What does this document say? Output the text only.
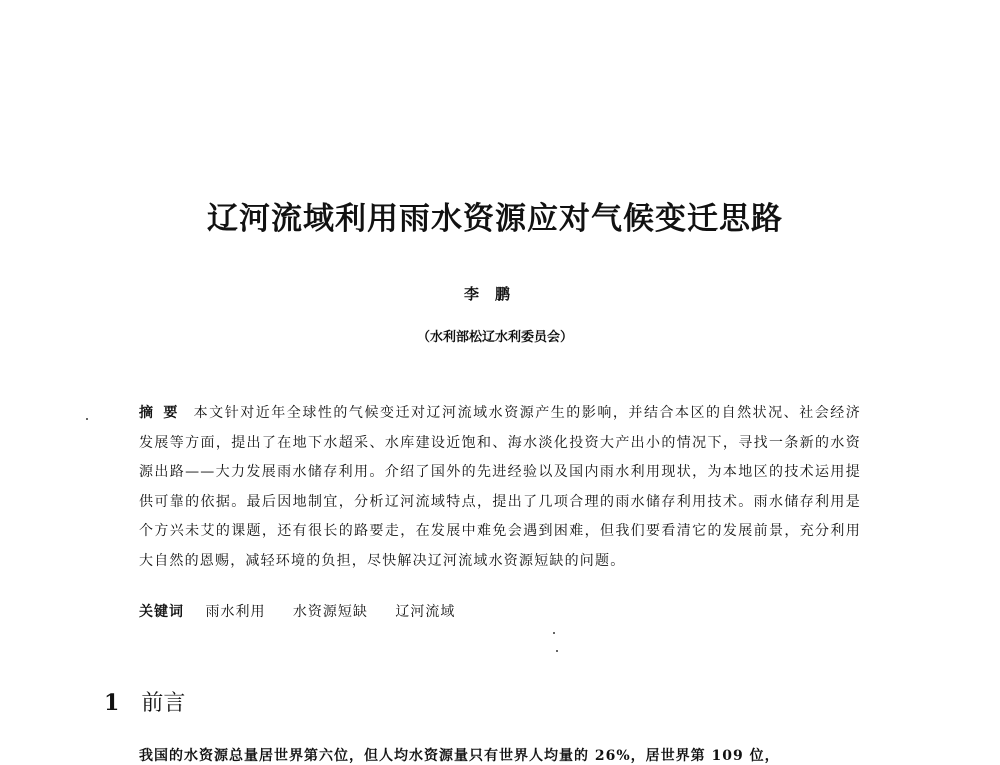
辽河流域利用雨水资源应对气候变迁思路
李鹏
（水利部松辽水利委员会）
摘要 本文针对近年全球性的气候变迁对辽河流域水资源产生的影响，并结合本区的自然状况、社会经济发展等方面，提出了在地下水超采、水库建设近饱和、海水淡化投资大产出小的情况下，寻找一条新的水资源出路——大力发展雨水储存利用。介绍了国外的先进经验以及国内雨水利用现状，为本地区的技术运用提供可靠的依据。最后因地制宜，分析辽河流域特点，提出了几项合理的雨水储存利用技术。雨水储存利用是个方兴未艾的课题，还有很长的路要走，在发展中难免会遇到困难，但我们要看清它的发展前景，充分利用大自然的恩赐，减轻环境的负担，尽快解决辽河流域水资源短缺的问题。
关键词 雨水利用 水资源短缺 辽河流域
1 前言
我国的水资源总量居世界第六位，但人均水资源量只有世界人均量的 26%，居世界第 109 位，
